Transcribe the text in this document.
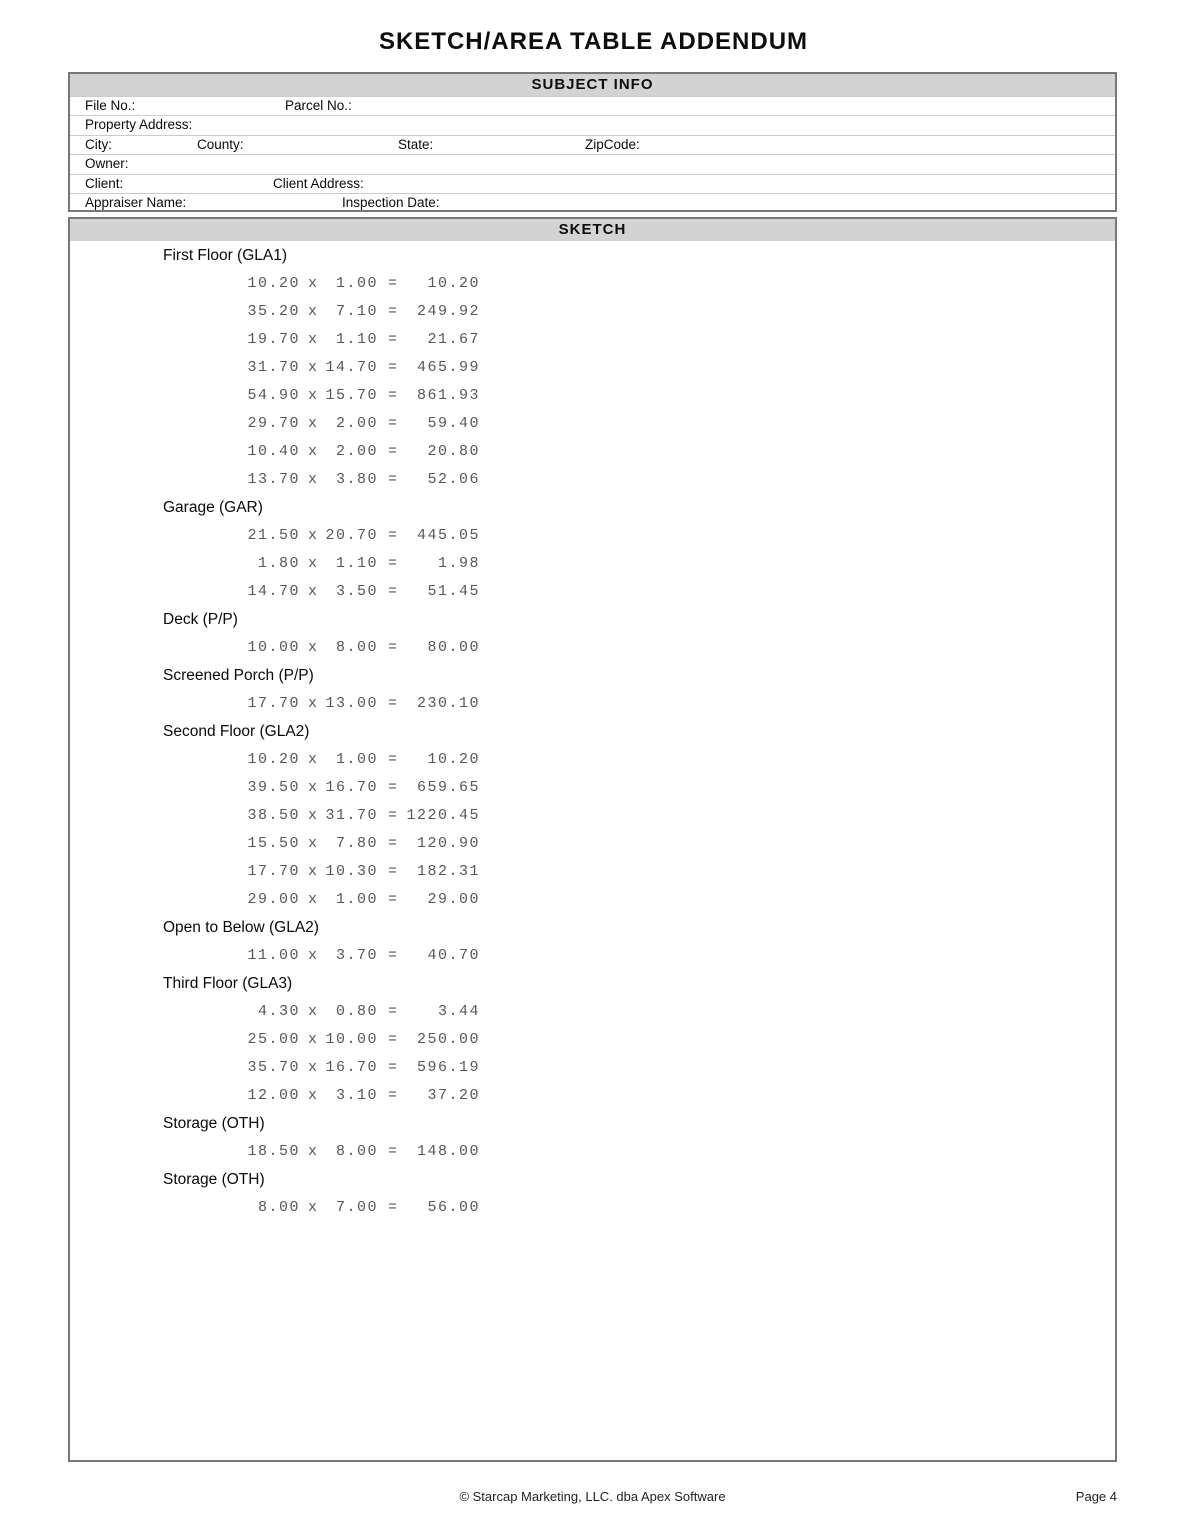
SKETCH/AREA TABLE ADDENDUM
SUBJECT INFO
File No.:	Parcel No.:
Property Address:
City:	County:	State:	ZipCode:
Owner:
Client:	Client Address:
Appraiser Name:	Inspection Date:
SKETCH
First Floor (GLA1)
10.20 x 1.00 = 10.20
35.20 x 7.10 = 249.92
19.70 x 1.10 = 21.67
31.70 x 14.70 = 465.99
54.90 x 15.70 = 861.93
29.70 x 2.00 = 59.40
10.40 x 2.00 = 20.80
13.70 x 3.80 = 52.06
Garage (GAR)
21.50 x 20.70 = 445.05
1.80 x 1.10 =	1.98
14.70 x 3.50 = 51.45
Deck (P/P)
10.00 x 8.00 = 80.00
Screened Porch (P/P)
17.70 x 13.00 = 230.10
Second Floor (GLA2)
10.20 x 1.00 = 10.20
39.50 x 16.70 = 659.65
38.50 x 31.70 = 1220.45
15.50 x 7.80 = 120.90
17.70 x 10.30 = 182.31
29.00 x 1.00 = 29.00
Open to Below (GLA2)
11.00 x 3.70 = 40.70
Third Floor (GLA3)
4.30 x 0.80 =	3.44
25.00 x 10.00 = 250.00
35.70 x 16.70 = 596.19
12.00 x 3.10 = 37.20
Storage (OTH)
18.50 x 8.00 = 148.00
Storage (OTH)
8.00 x 7.00 = 56.00
© Starcap Marketing, LLC. dba Apex Software	Page 4
